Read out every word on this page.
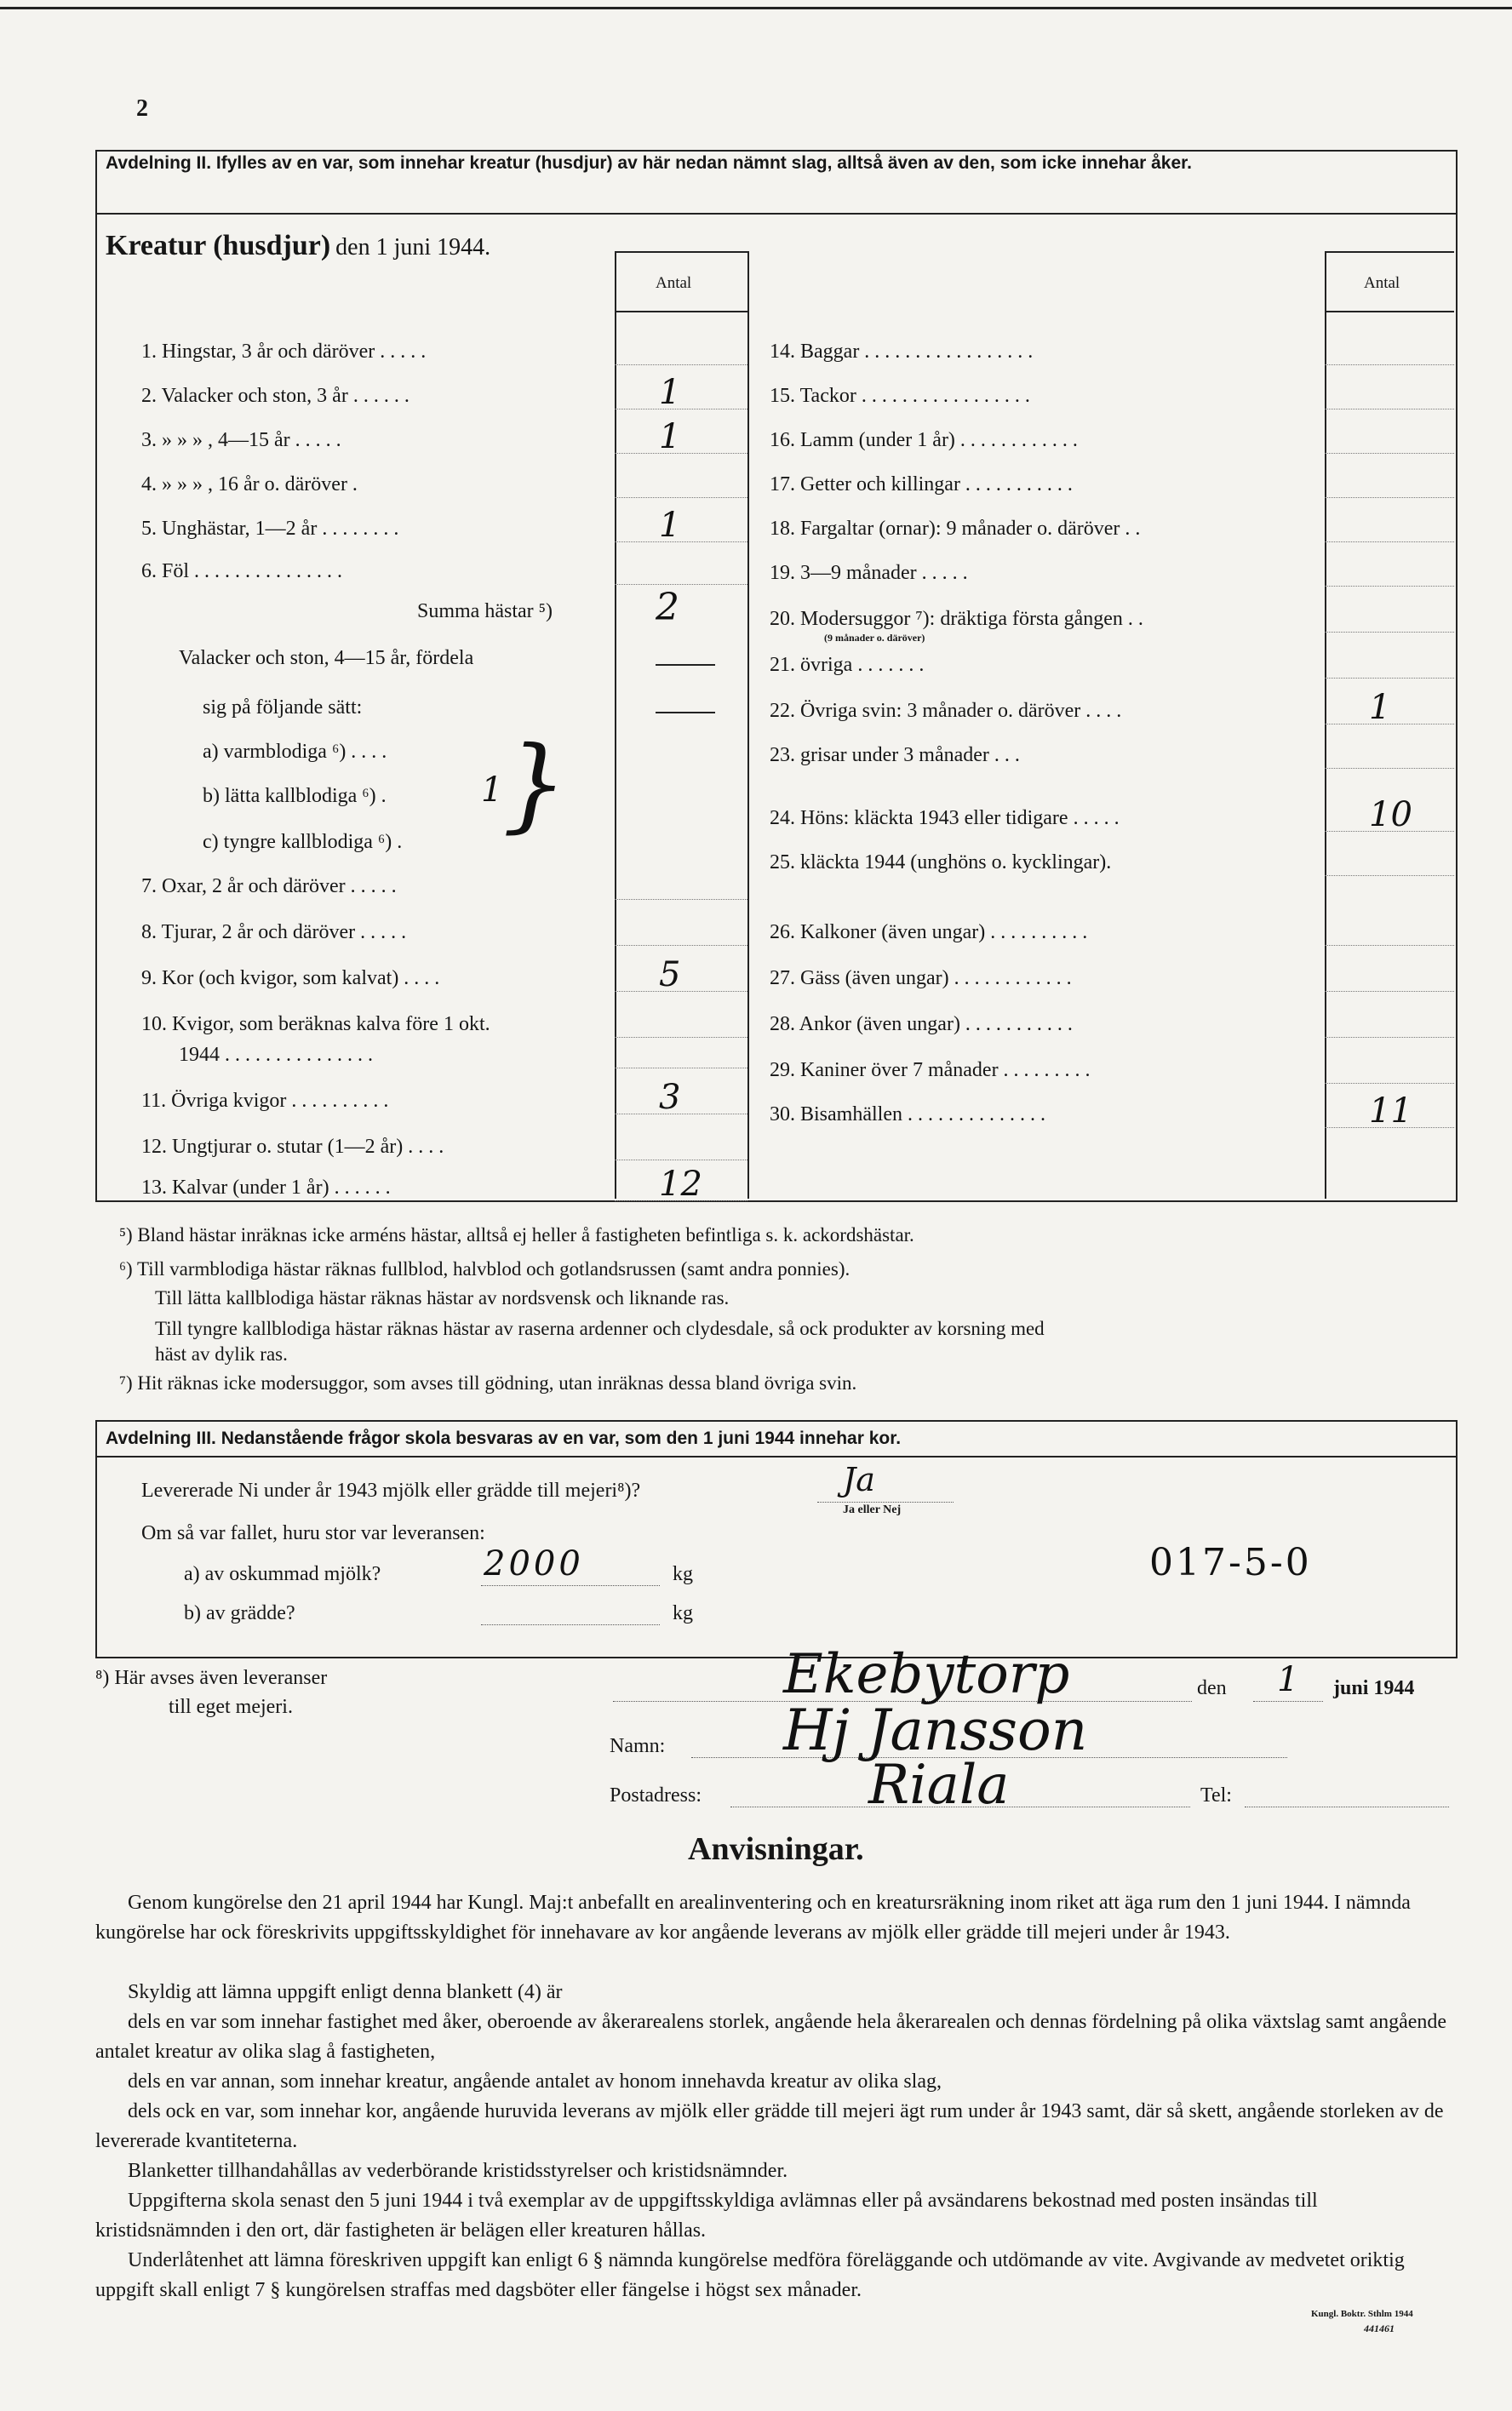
2
Avdelning II. Ifylles av en var, som innehar kreatur (husdjur) av här nedan nämnt slag, alltså även av den, som icke innehar åker.
Kreatur (husdjur) den 1 juni 1944.
Antal	Antal
1. Hingstar, 3 år och däröver . . . . .
2. Valacker och ston, 3 år . . . . . .	1
3. » » » , 4—15 år . . . . .	1
4. » » » , 16 år o. däröver .
5. Unghästar, 1—2 år . . . . . . . .	1
6. Föl . . . . . . . . . . . . . . .
Summa hästar ⁵)	2
Valacker och ston, 4—15 år, fördela
sig på följande sätt:
a) varmblodiga ⁶) . . . .
b) lätta kallblodiga ⁶) .	1
c) tyngre kallblodiga ⁶) . }
7. Oxar, 2 år och däröver . . . . .
8. Tjurar, 2 år och däröver . . . . .
9. Kor (och kvigor, som kalvat) . . . .	5
10. Kvigor, som beräknas kalva före 1 okt.
1944 . . . . . . . . . . . . . . .
11. Övriga kvigor . . . . . . . . . .	3
12. Ungtjurar o. stutar (1—2 år) . . . .
13. Kalvar (under 1 år) . . . . . .	12
14. Baggar . . . . . . . . . . . . . . . . .
15. Tackor . . . . . . . . . . . . . . . . .
16. Lamm (under 1 år) . . . . . . . . . . . .
17. Getter och killingar . . . . . . . . . . .
18. Fargaltar (ornar): 9 månader o. däröver . .
19. 3—9 månader . . . . .
20. Modersuggor ⁷): dräktiga första gången . .
21. övriga . . . . . . .
22. Övriga svin: 3 månader o. däröver . . . .	1
23. grisar under 3 månader . . .
24. Höns: kläckta 1943 eller tidigare . . . . .	10
25. kläckta 1944 (unghöns o. kycklingar).
26. Kalkoner (även ungar) . . . . . . . . . .
27. Gäss (även ungar) . . . . . . . . . . . .
28. Ankor (även ungar) . . . . . . . . . . .
29. Kaniner över 7 månader . . . . . . . . .
30. Bisamhällen . . . . . . . . . . . . . .	11
(9 månader o. däröver)
⁵) Bland hästar inräknas icke arméns hästar, alltså ej heller å fastigheten befintliga s. k. ackordshästar.
⁶) Till varmblodiga hästar räknas fullblod, halvblod och gotlandsrussen (samt andra ponnies).
Till lätta kallblodiga hästar räknas hästar av nordsvensk och liknande ras.
Till tyngre kallblodiga hästar räknas hästar av raserna ardenner och clydesdale, så ock produkter av korsning med
häst av dylik ras.
⁷) Hit räknas icke modersuggor, som avses till gödning, utan inräknas dessa bland övriga svin.
Avdelning III. Nedanstående frågor skola besvaras av en var, som den 1 juni 1944 innehar kor.
Levererade Ni under år 1943 mjölk eller grädde till mejeri⁸)?	Ja
Ja eller Nej
Om så var fallet, huru stor var leveransen:
a) av oskummad mjölk?	2000	kg
b) av grädde?	kg
017-5-0
⁸) Här avses även leveranser
till eget mejeri.
Ekebytorp	den 1 juni 1944
Namn: Hj Jansson
Postadress:	Riala	Tel:
Anvisningar.
Genom kungörelse den 21 april 1944 har Kungl. Maj:t anbefallt en arealinventering och en kreatursräkning inom riket att äga rum den 1 juni 1944. I nämnda kungörelse har ock föreskrivits uppgiftsskyldighet för innehavare av kor angående leverans av mjölk eller grädde till mejeri under år 1943.
Skyldig att lämna uppgift enligt denna blankett (4) är
dels en var som innehar fastighet med åker, oberoende av åkerarealens storlek, angående hela åkerarealen och dennas fördelning på olika växtslag samt angående antalet kreatur av olika slag å fastigheten,
dels en var annan, som innehar kreatur, angående antalet av honom innehavda kreatur av olika slag,
dels ock en var, som innehar kor, angående huruvida leverans av mjölk eller grädde till mejeri ägt rum under år 1943 samt, där så skett, angående storleken av de levererade kvantiteterna.
Blanketter tillhandahållas av vederbörande kristidsstyrelser och kristidsnämnder.
Uppgifterna skola senast den 5 juni 1944 i två exemplar av de uppgiftsskyldiga avlämnas eller på avsändarens bekostnad med posten insändas till kristidsnämnden i den ort, där fastigheten är belägen eller kreaturen hållas.
Underlåtenhet att lämna föreskriven uppgift kan enligt 6 § nämnda kungörelse medföra föreläggande och utdömande av vite. Avgivande av medvetet oriktig uppgift skall enligt 7 § kungörelsen straffas med dagsböter eller fängelse i högst sex månader.
Kungl. Boktr. Sthlm 1944
441461
